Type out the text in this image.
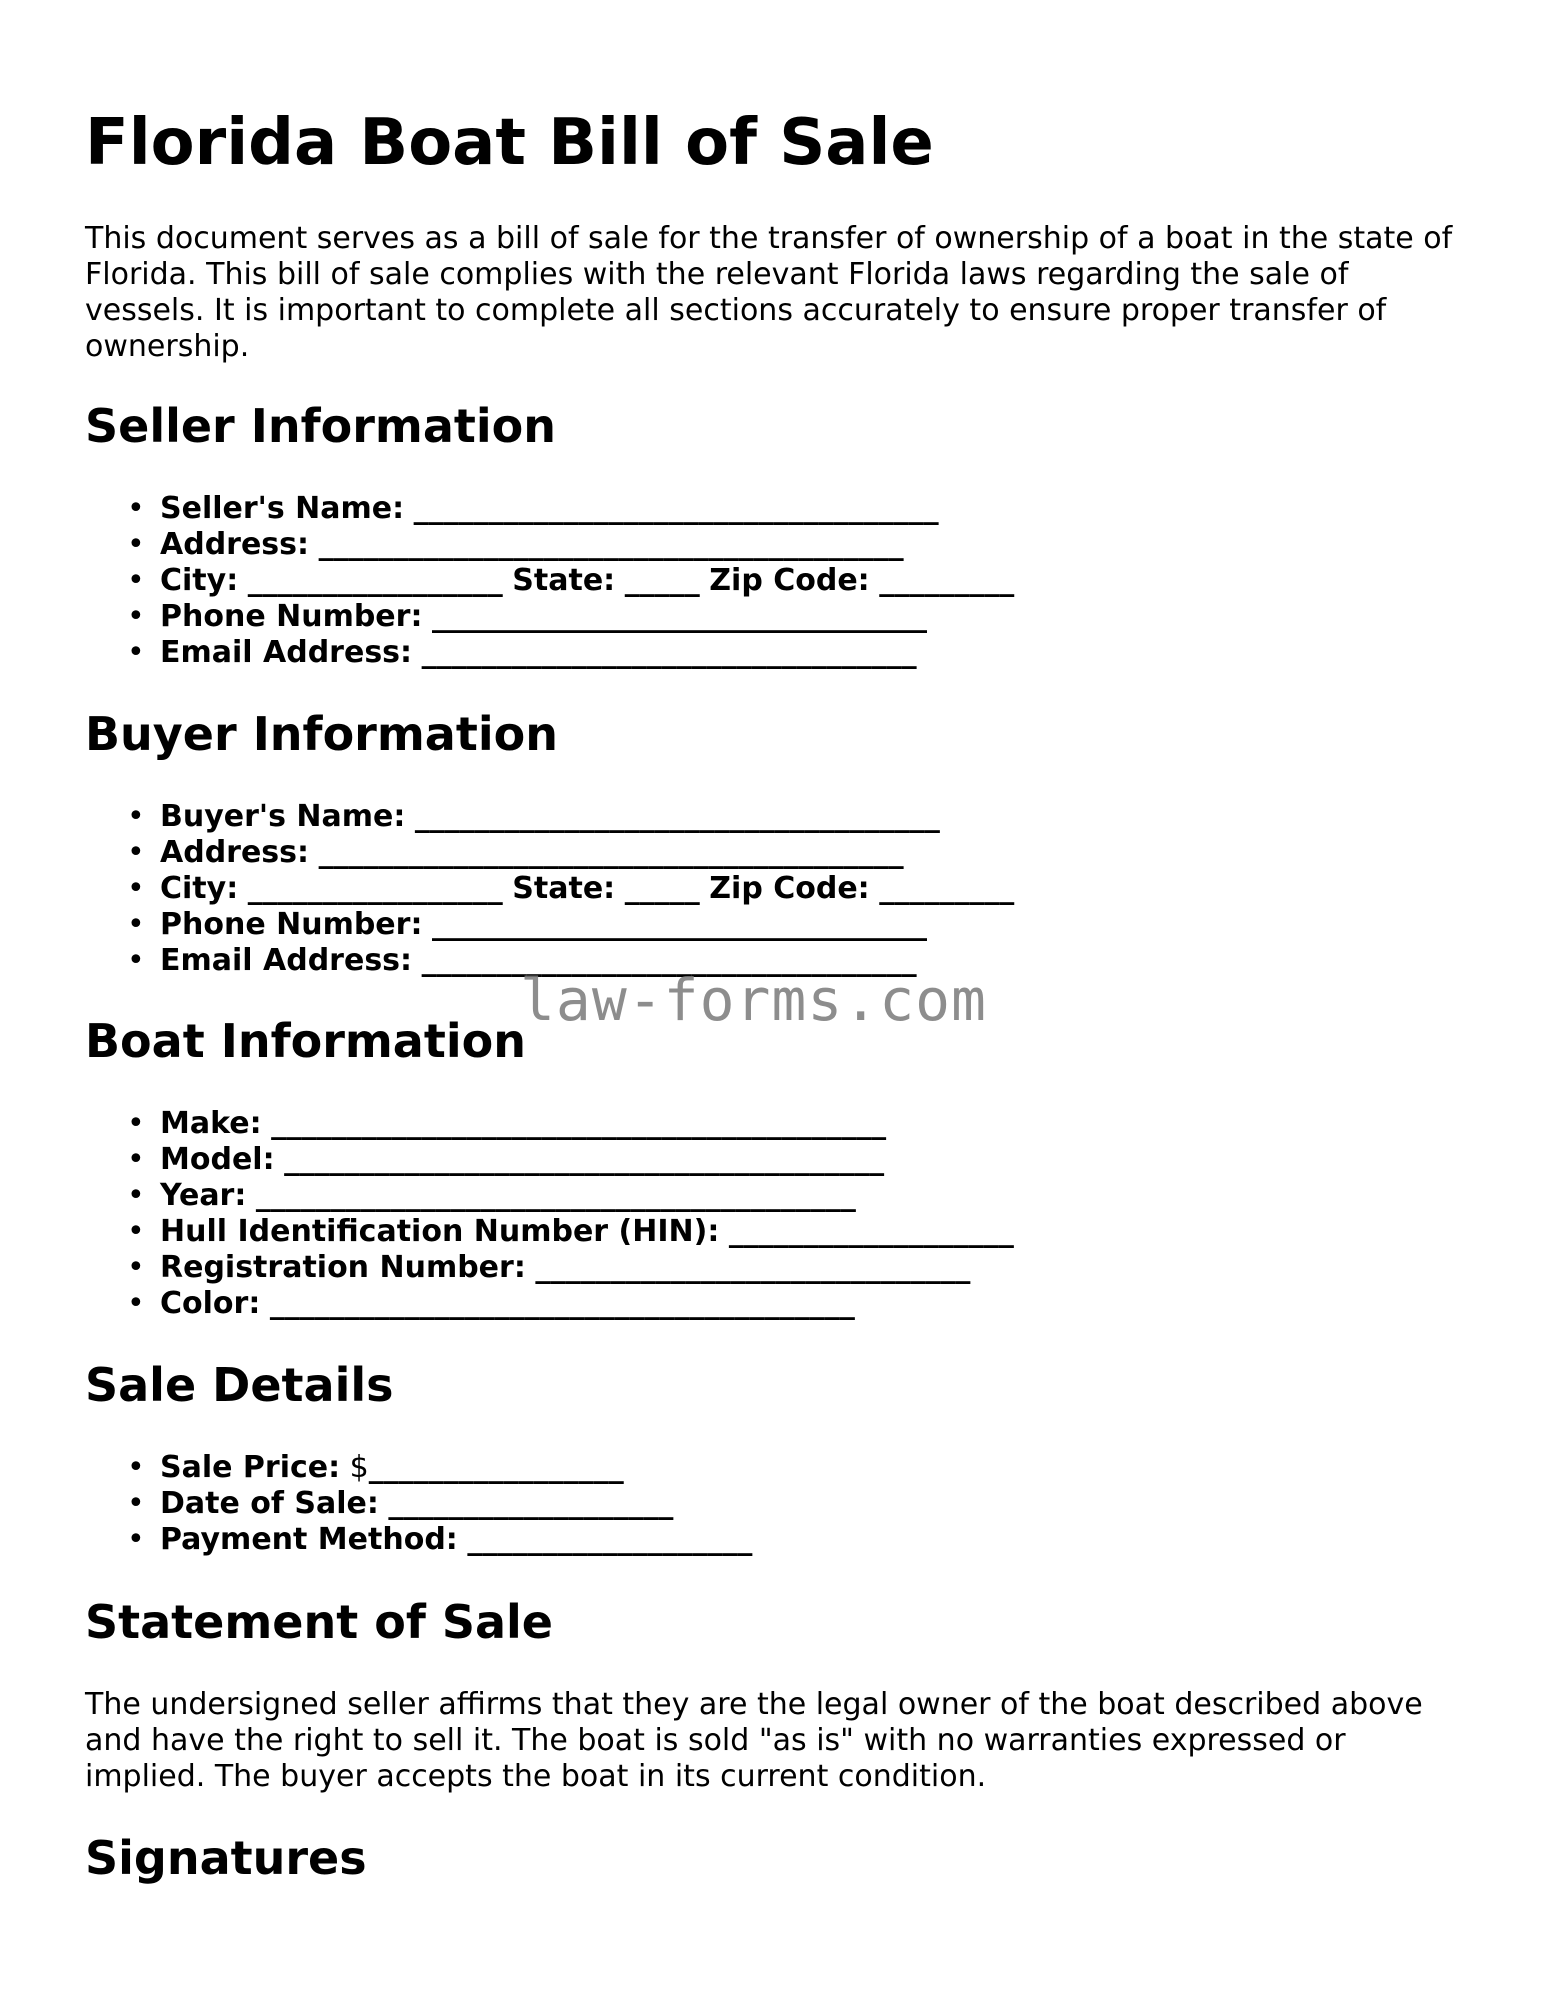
Florida Boat Bill of Sale

This document serves as a bill of sale for the transfer of ownership of a boat in the state of Florida. This bill of sale complies with the relevant Florida laws regarding the sale of vessels. It is important to complete all sections accurately to ensure proper transfer of ownership.

Seller Information
• Seller's Name: ___________________________________
• Address: _______________________________________
• City: _________________ State: _____ Zip Code: _________
• Phone Number: _________________________________
• Email Address: _________________________________
Buyer Information
• Buyer's Name: ___________________________________
• Address: _______________________________________
• City: _________________ State: _____ Zip Code: _________
• Phone Number: _________________________________
• Email Address: _________________________________
Boat Information
• Make: _________________________________________
• Model: ________________________________________
• Year: ________________________________________
• Hull Identification Number (HIN): ___________________
• Registration Number: _____________________________
• Color: _______________________________________
Sale Details
• Sale Price: $_________________
• Date of Sale: ___________________
• Payment Method: ___________________
Statement of Sale

The undersigned seller affirms that they are the legal owner of the boat described above and have the right to sell it. The boat is sold "as is" with no warranties expressed or implied. The buyer accepts the boat in its current condition.

Signatures
law-forms.com
